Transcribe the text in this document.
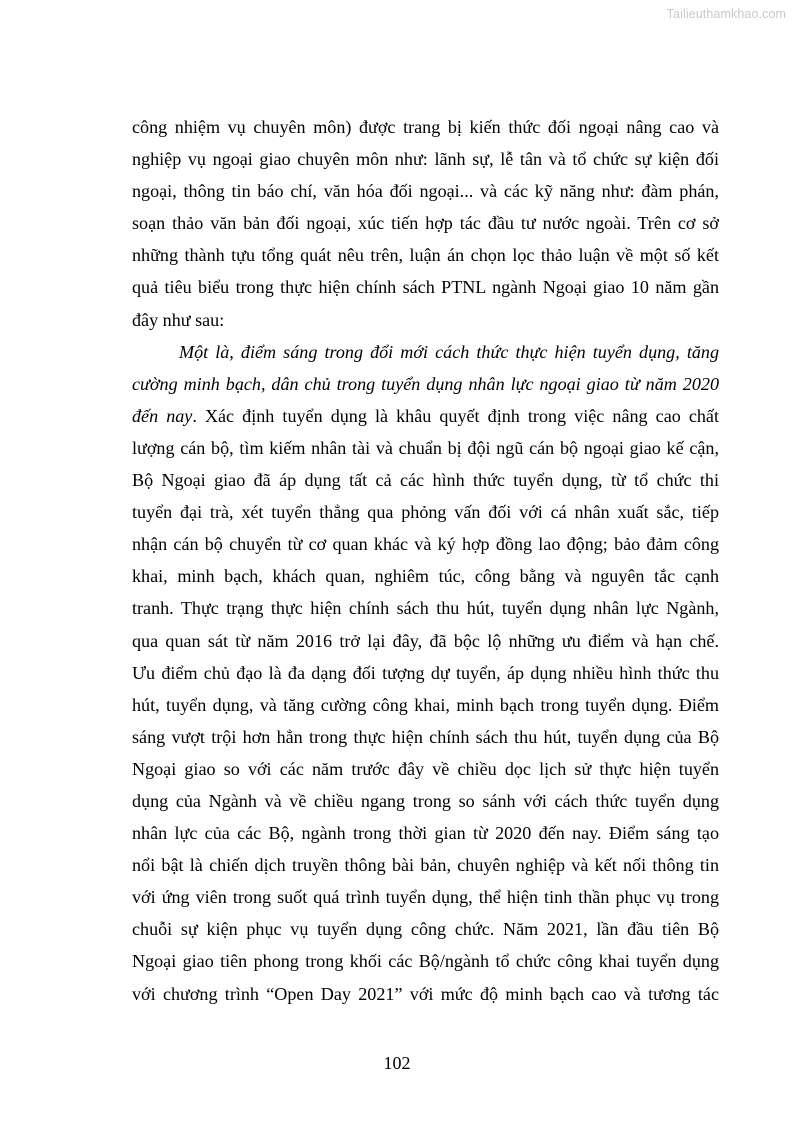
Tailieuthamkhao.com
công nhiệm vụ chuyên môn) được trang bị kiến thức đối ngoại nâng cao và
nghiệp vụ ngoại giao chuyên môn như: lãnh sự, lễ tân và tổ chức sự kiện đối
ngoại, thông tin báo chí, văn hóa đối ngoại... và các kỹ năng như: đàm phán,
soạn thảo văn bản đối ngoại, xúc tiến hợp tác đầu tư nước ngoài. Trên cơ sở
những thành tựu tổng quát nêu trên, luận án chọn lọc thảo luận về một số kết
quả tiêu biểu trong thực hiện chính sách PTNL ngành Ngoại giao 10 năm gần
đây như sau:
Một là, điểm sáng trong đổi mới cách thức thực hiện tuyển dụng, tăng
cường minh bạch, dân chủ trong tuyển dụng nhân lực ngoại giao từ năm 2020
đến nay. Xác định tuyển dụng là khâu quyết định trong việc nâng cao chất
lượng cán bộ, tìm kiếm nhân tài và chuẩn bị đội ngũ cán bộ ngoại giao kế cận,
Bộ Ngoại giao đã áp dụng tất cả các hình thức tuyển dụng, từ tổ chức thi
tuyển đại trà, xét tuyển thẳng qua phỏng vấn đối với cá nhân xuất sắc, tiếp
nhận cán bộ chuyển từ cơ quan khác và ký hợp đồng lao động; bảo đảm công
khai, minh bạch, khách quan, nghiêm túc, công bằng và nguyên tắc cạnh
tranh. Thực trạng thực hiện chính sách thu hút, tuyển dụng nhân lực Ngành,
qua quan sát từ năm 2016 trở lại đây, đã bộc lộ những ưu điểm và hạn chế.
Ưu điểm chủ đạo là đa dạng đối tượng dự tuyển, áp dụng nhiều hình thức thu
hút, tuyển dụng, và tăng cường công khai, minh bạch trong tuyển dụng. Điểm
sáng vượt trội hơn hẳn trong thực hiện chính sách thu hút, tuyển dụng của Bộ
Ngoại giao so với các năm trước đây về chiều dọc lịch sử thực hiện tuyển
dụng của Ngành và về chiều ngang trong so sánh với cách thức tuyển dụng
nhân lực của các Bộ, ngành trong thời gian từ 2020 đến nay. Điểm sáng tạo
nổi bật là chiến dịch truyền thông bài bản, chuyên nghiệp và kết nối thông tin
với ứng viên trong suốt quá trình tuyển dụng, thể hiện tinh thần phục vụ trong
chuỗi sự kiện phục vụ tuyển dụng công chức. Năm 2021, lần đầu tiên Bộ
Ngoại giao tiên phong trong khối các Bộ/ngành tổ chức công khai tuyển dụng
với chương trình “Open Day 2021” với mức độ minh bạch cao và tương tác
102
